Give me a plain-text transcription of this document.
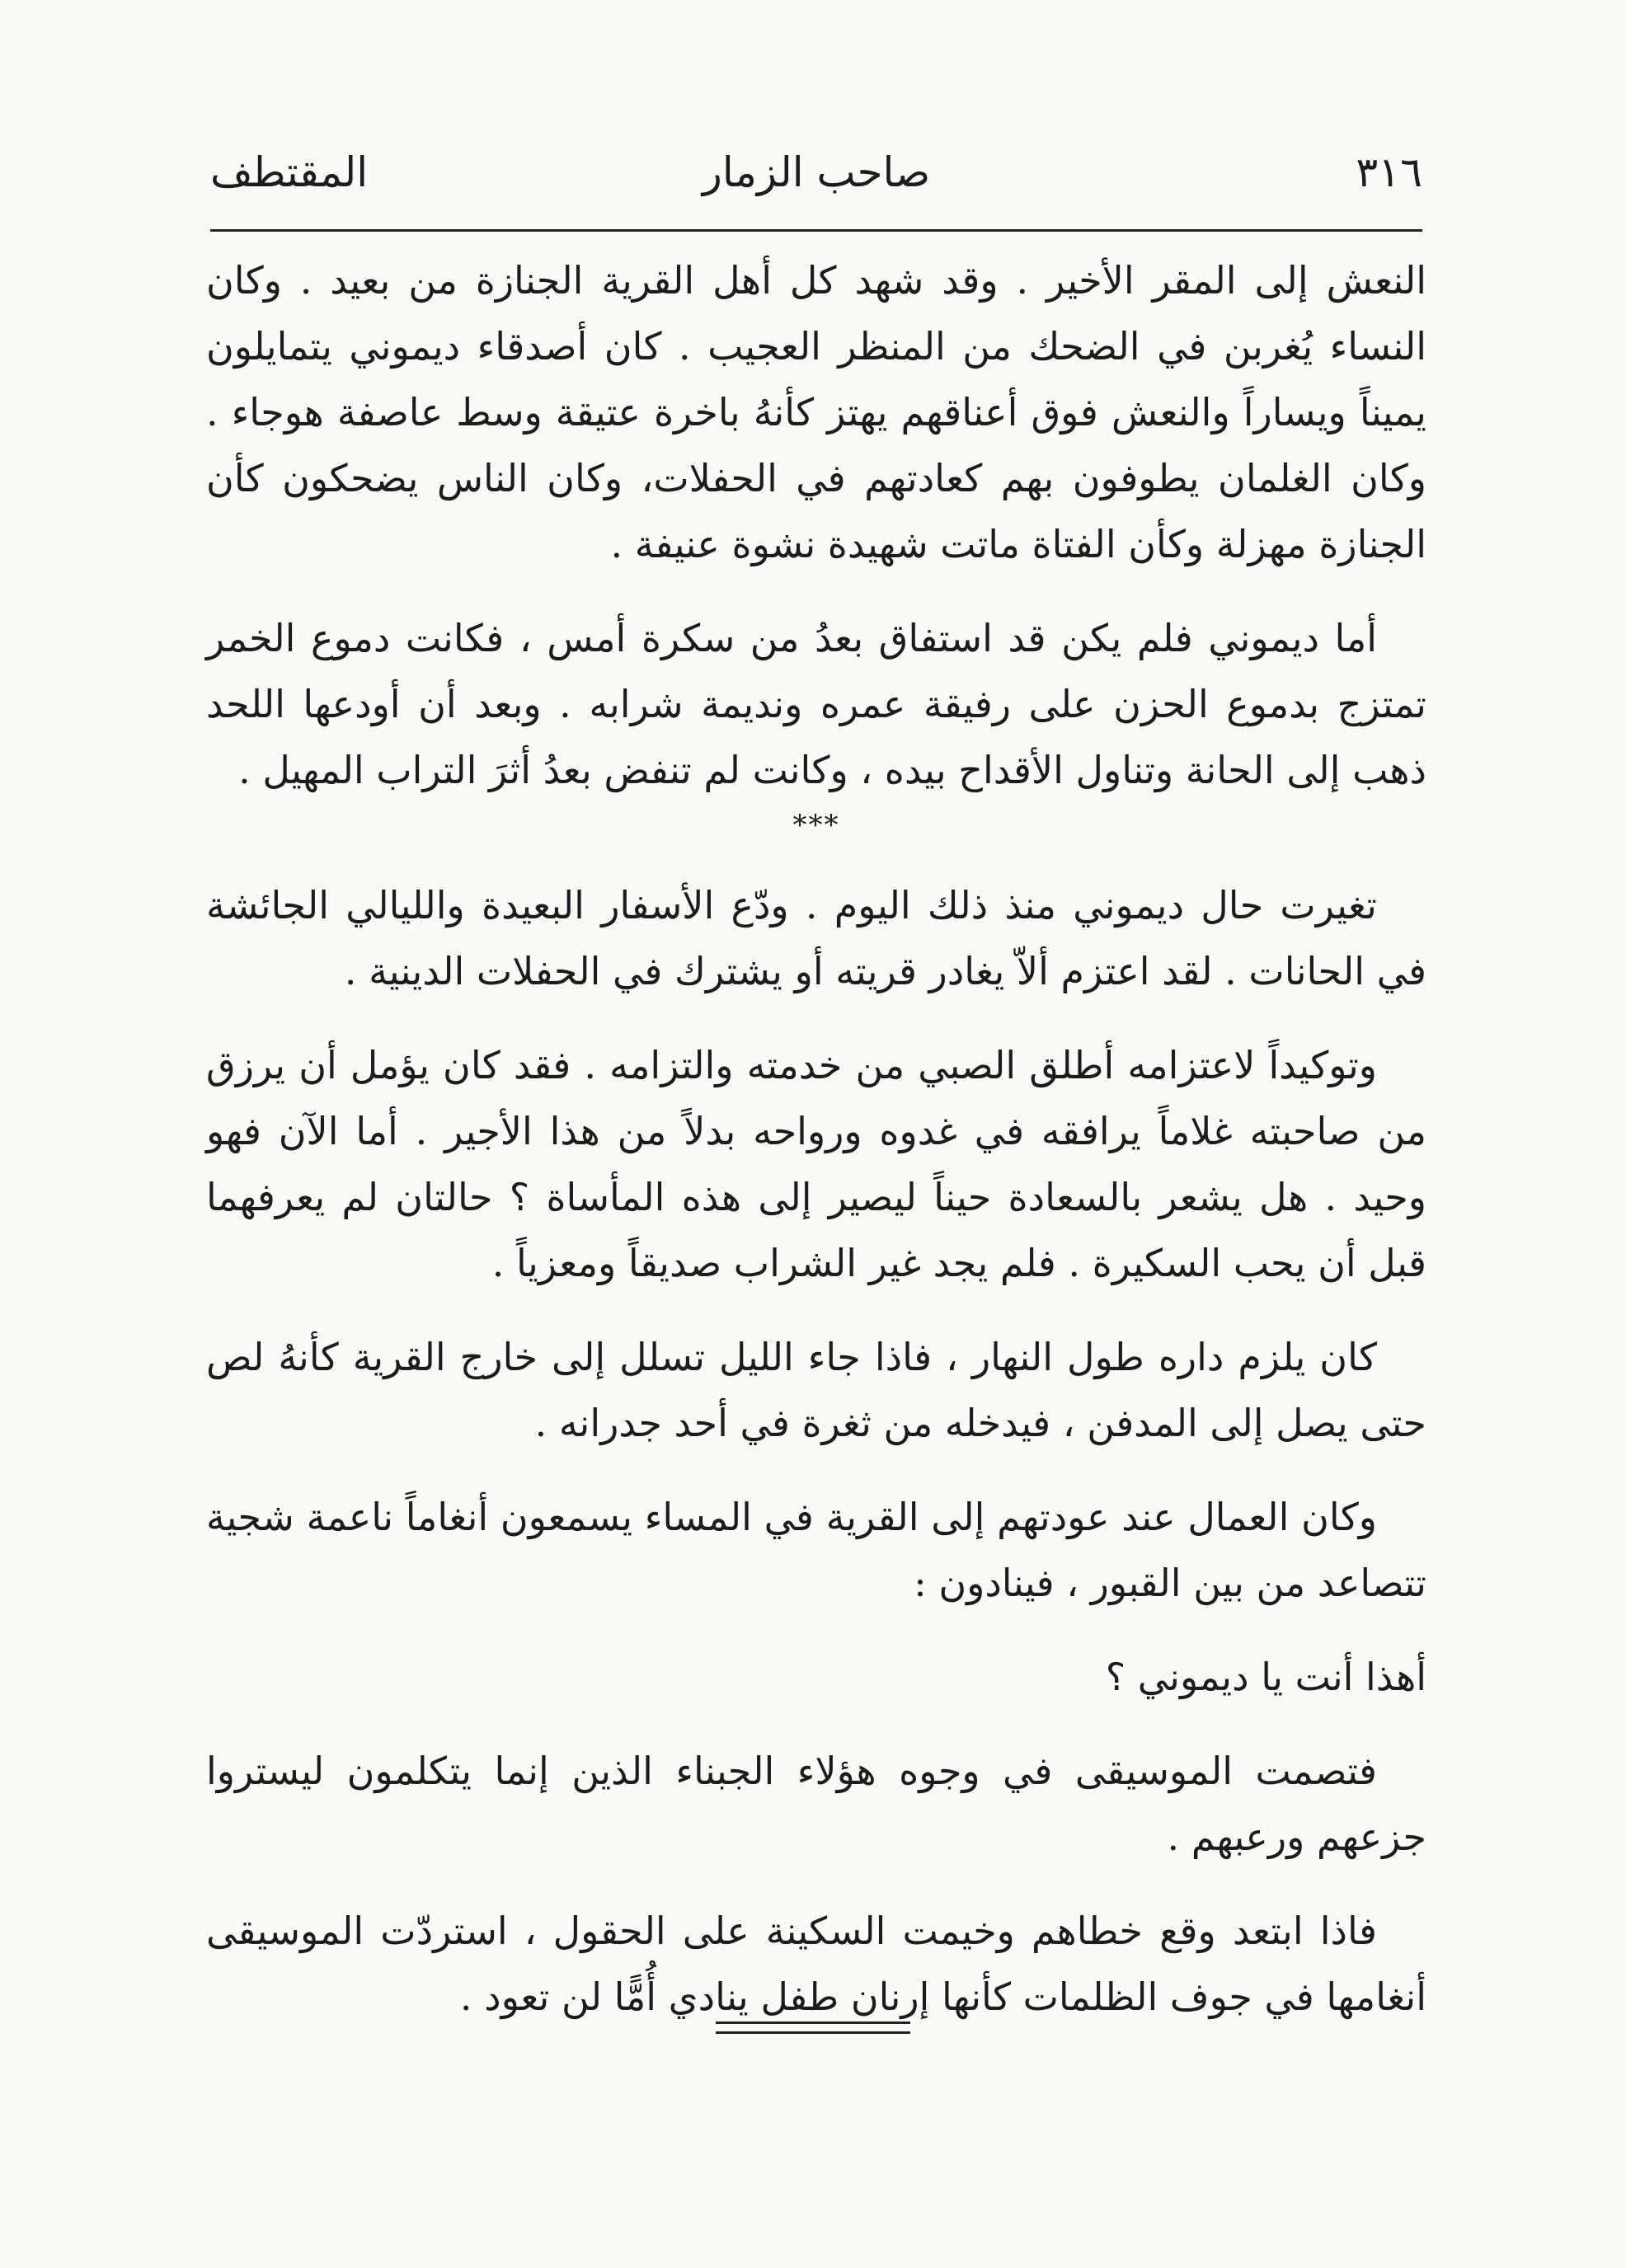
٣١٦
صاحب الزمار
المقتطف

النعش إلى المقر الأخير . وقد شهد كل أهل القرية الجنازة من بعيد . وكان النساء يُغربن في الضحك من المنظر العجيب . كان أصدقاء ديموني يتمايلون يميناً ويساراً والنعش فوق أعناقهم يهتز كأنهُ باخرة عتيقة وسط عاصفة هوجاء . وكان الغلمان يطوفون بهم كعادتهم في الحفلات، وكان الناس يضحكون كأن الجنازة مهزلة وكأن الفتاة ماتت شهيدة نشوة عنيفة .

أما ديموني فلم يكن قد استفاق بعدُ من سكرة أمس ، فكانت دموع الخمر تمتزج بدموع الحزن على رفيقة عمره ونديمة شرابه . وبعد أن أودعها اللحد ذهب إلى الحانة وتناول الأقداح بيده ، وكانت لم تنفض بعدُ أثرَ التراب المهيل .

***

تغيرت حال ديموني منذ ذلك اليوم . ودّع الأسفار البعيدة والليالي الجائشة في الحانات . لقد اعتزم ألاّ يغادر قريته أو يشترك في الحفلات الدينية .

وتوكيداً لاعتزامه أطلق الصبي من خدمته والتزامه . فقد كان يؤمل أن يرزق من صاحبته غلاماً يرافقه في غدوه ورواحه بدلاً من هذا الأجير . أما الآن فهو وحيد . هل يشعر بالسعادة حيناً ليصير إلى هذه المأساة ؟ حالتان لم يعرفهما قبل أن يحب السكيرة . فلم يجد غير الشراب صديقاً ومعزياً .

كان يلزم داره طول النهار ، فاذا جاء الليل تسلل إلى خارج القرية كأنهُ لص حتى يصل إلى المدفن ، فيدخله من ثغرة في أحد جدرانه .

وكان العمال عند عودتهم إلى القرية في المساء يسمعون أنغاماً ناعمة شجية تتصاعد من بين القبور ، فينادون :

أهذا أنت يا ديموني ؟

فتصمت الموسيقى في وجوه هؤلاء الجبناء الذين إنما يتكلمون ليستروا جزعهم ورعبهم .

فاذا ابتعد وقع خطاهم وخيمت السكينة على الحقول ، استردّت الموسيقى أنغامها في جوف الظلمات كأنها إرنان طفل ينادي أُمًّا لن تعود .
